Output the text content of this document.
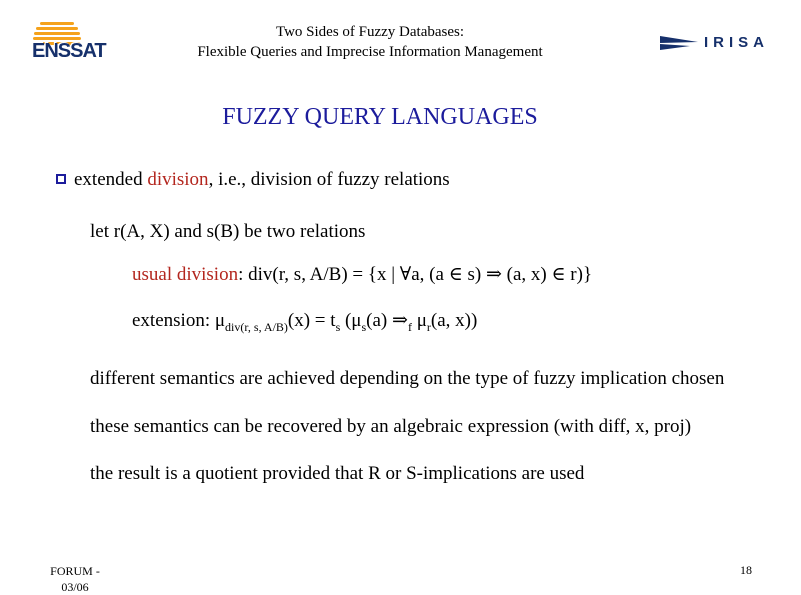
ENSSAT
Two Sides of Fuzzy Databases:
Flexible Queries and Imprecise Information Management
IRISA
FUZZY QUERY LANGUAGES
extended division, i.e., division of fuzzy relations
let r(A, X) and s(B) be two relations
usual division: div(r, s, A/B) = {x | ∀a, (a ∈ s) ⇒ (a, x) ∈ r)}
extension: $\mu_{div(r, s, A/B)}(x) = t_s$ ($\mu_s(a)$ $\Rightarrow_f$ $\mu_r(a$, x))
different semantics are achieved depending on the type of fuzzy implication chosen
these semantics can be recovered by an algebraic expression (with diff, x, proj)
the result is a quotient provided that R or S-implications are used
FORUM -
03/06
18
